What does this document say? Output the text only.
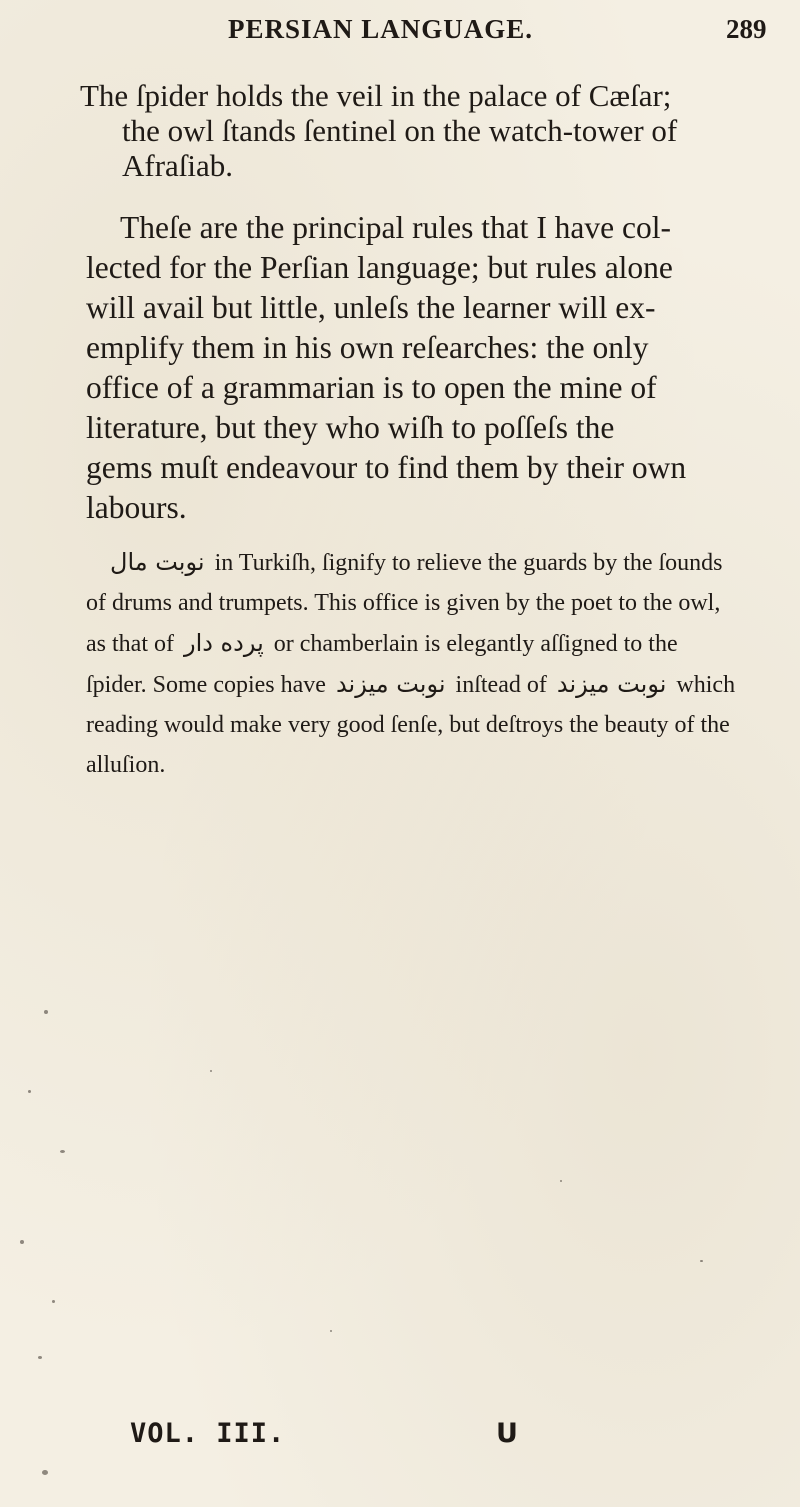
PERSIAN LANGUAGE.	289
The ſpider holds the veil in the palace of Cæſar;
the owl ſtands ſentinel on the watch-tower of
Afraſiab.
Theſe are the principal rules that I have col-
lected for the Perſian language; but rules alone
will avail but little, unleſs the learner will ex-
emplify them in his own reſearches: the only
office of a grammarian is to open the mine of
literature, but they who wiſh to poſſeſs the
gems muſt endeavour to find them by their own
labours.
نوبت مال in Turkiſh, ſignify to relieve the guards by the ſounds
of drums and trumpets. This office is given by the poet to the owl,
as that of پرده دار or chamberlain is elegantly aſſigned to the
ſpider. Some copies have نوبت ميزند inſtead of نوبت ميزند which
reading would make very good ſenſe, but deſtroys the beauty of the
alluſion.
VOL. III.	U
